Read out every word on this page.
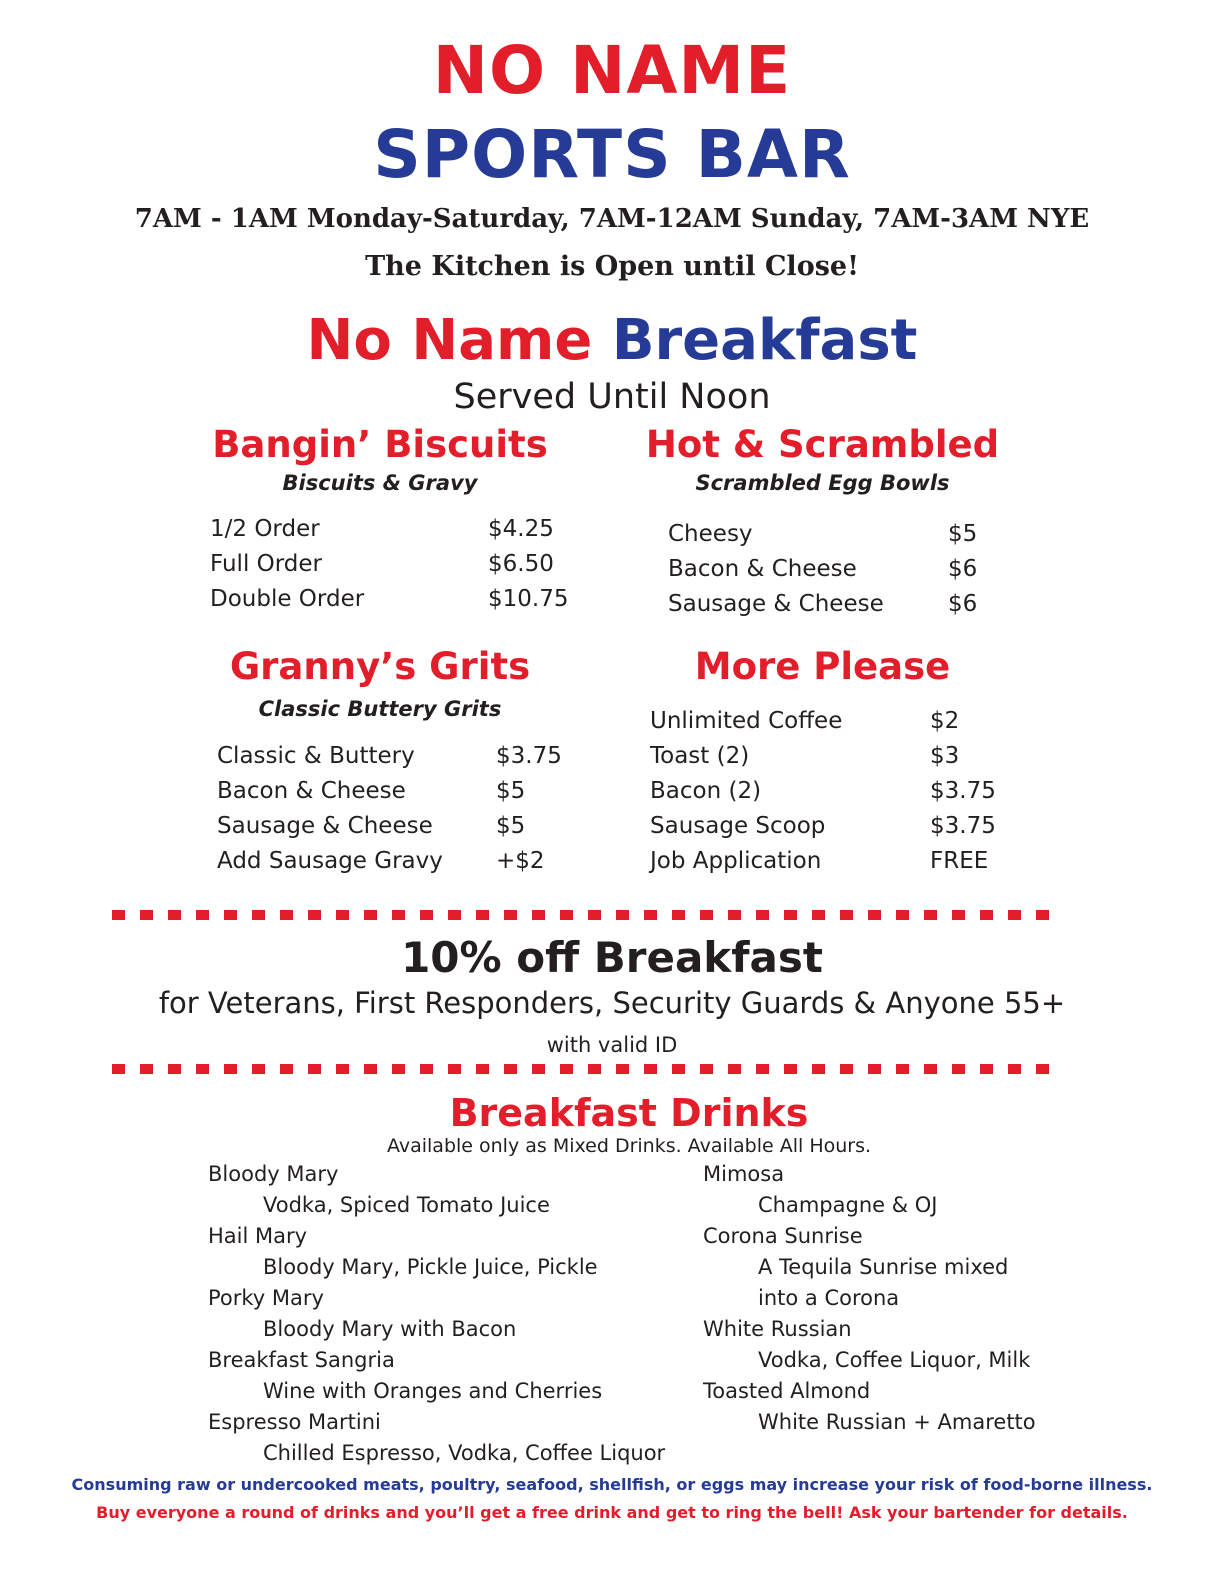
NO NAME
SPORTS BAR
7AM - 1AM Monday-Saturday, 7AM-12AM Sunday, 7AM-3AM NYE
The Kitchen is Open until Close!
No Name Breakfast
Served Until Noon
Bangin’ Biscuits
Biscuits & Gravy
1/2 Order	$4.25
Full Order	$6.50
Double Order	$10.75
Hot & Scrambled
Scrambled Egg Bowls
Cheesy	$5
Bacon & Cheese	$6
Sausage & Cheese	$6
Granny’s Grits
Classic Buttery Grits
Classic & Buttery	$3.75
Bacon & Cheese	$5
Sausage & Cheese	$5
Add Sausage Gravy +$2
More Please
Unlimited Coffee	$2
Toast (2)	$3
Bacon (2)	$3.75
Sausage Scoop	$3.75
Job Application	FREE
10% off Breakfast
for Veterans, First Responders, Security Guards & Anyone 55+
with valid ID
Breakfast Drinks
Available only as Mixed Drinks. Available All Hours.
Bloody Mary
Vodka, Spiced Tomato Juice
Hail Mary
Bloody Mary, Pickle Juice, Pickle
Porky Mary
Bloody Mary with Bacon
Breakfast Sangria
Wine with Oranges and Cherries
Espresso Martini
Chilled Espresso, Vodka, Coffee Liquor
Mimosa
Champagne & OJ
Corona Sunrise
A Tequila Sunrise mixed
into a Corona
White Russian
Vodka, Coffee Liquor, Milk
Toasted Almond
White Russian + Amaretto
Consuming raw or undercooked meats, poultry, seafood, shellfish, or eggs may increase your risk of food-borne illness.
Buy everyone a round of drinks and you’ll get a free drink and get to ring the bell! Ask your bartender for details.
